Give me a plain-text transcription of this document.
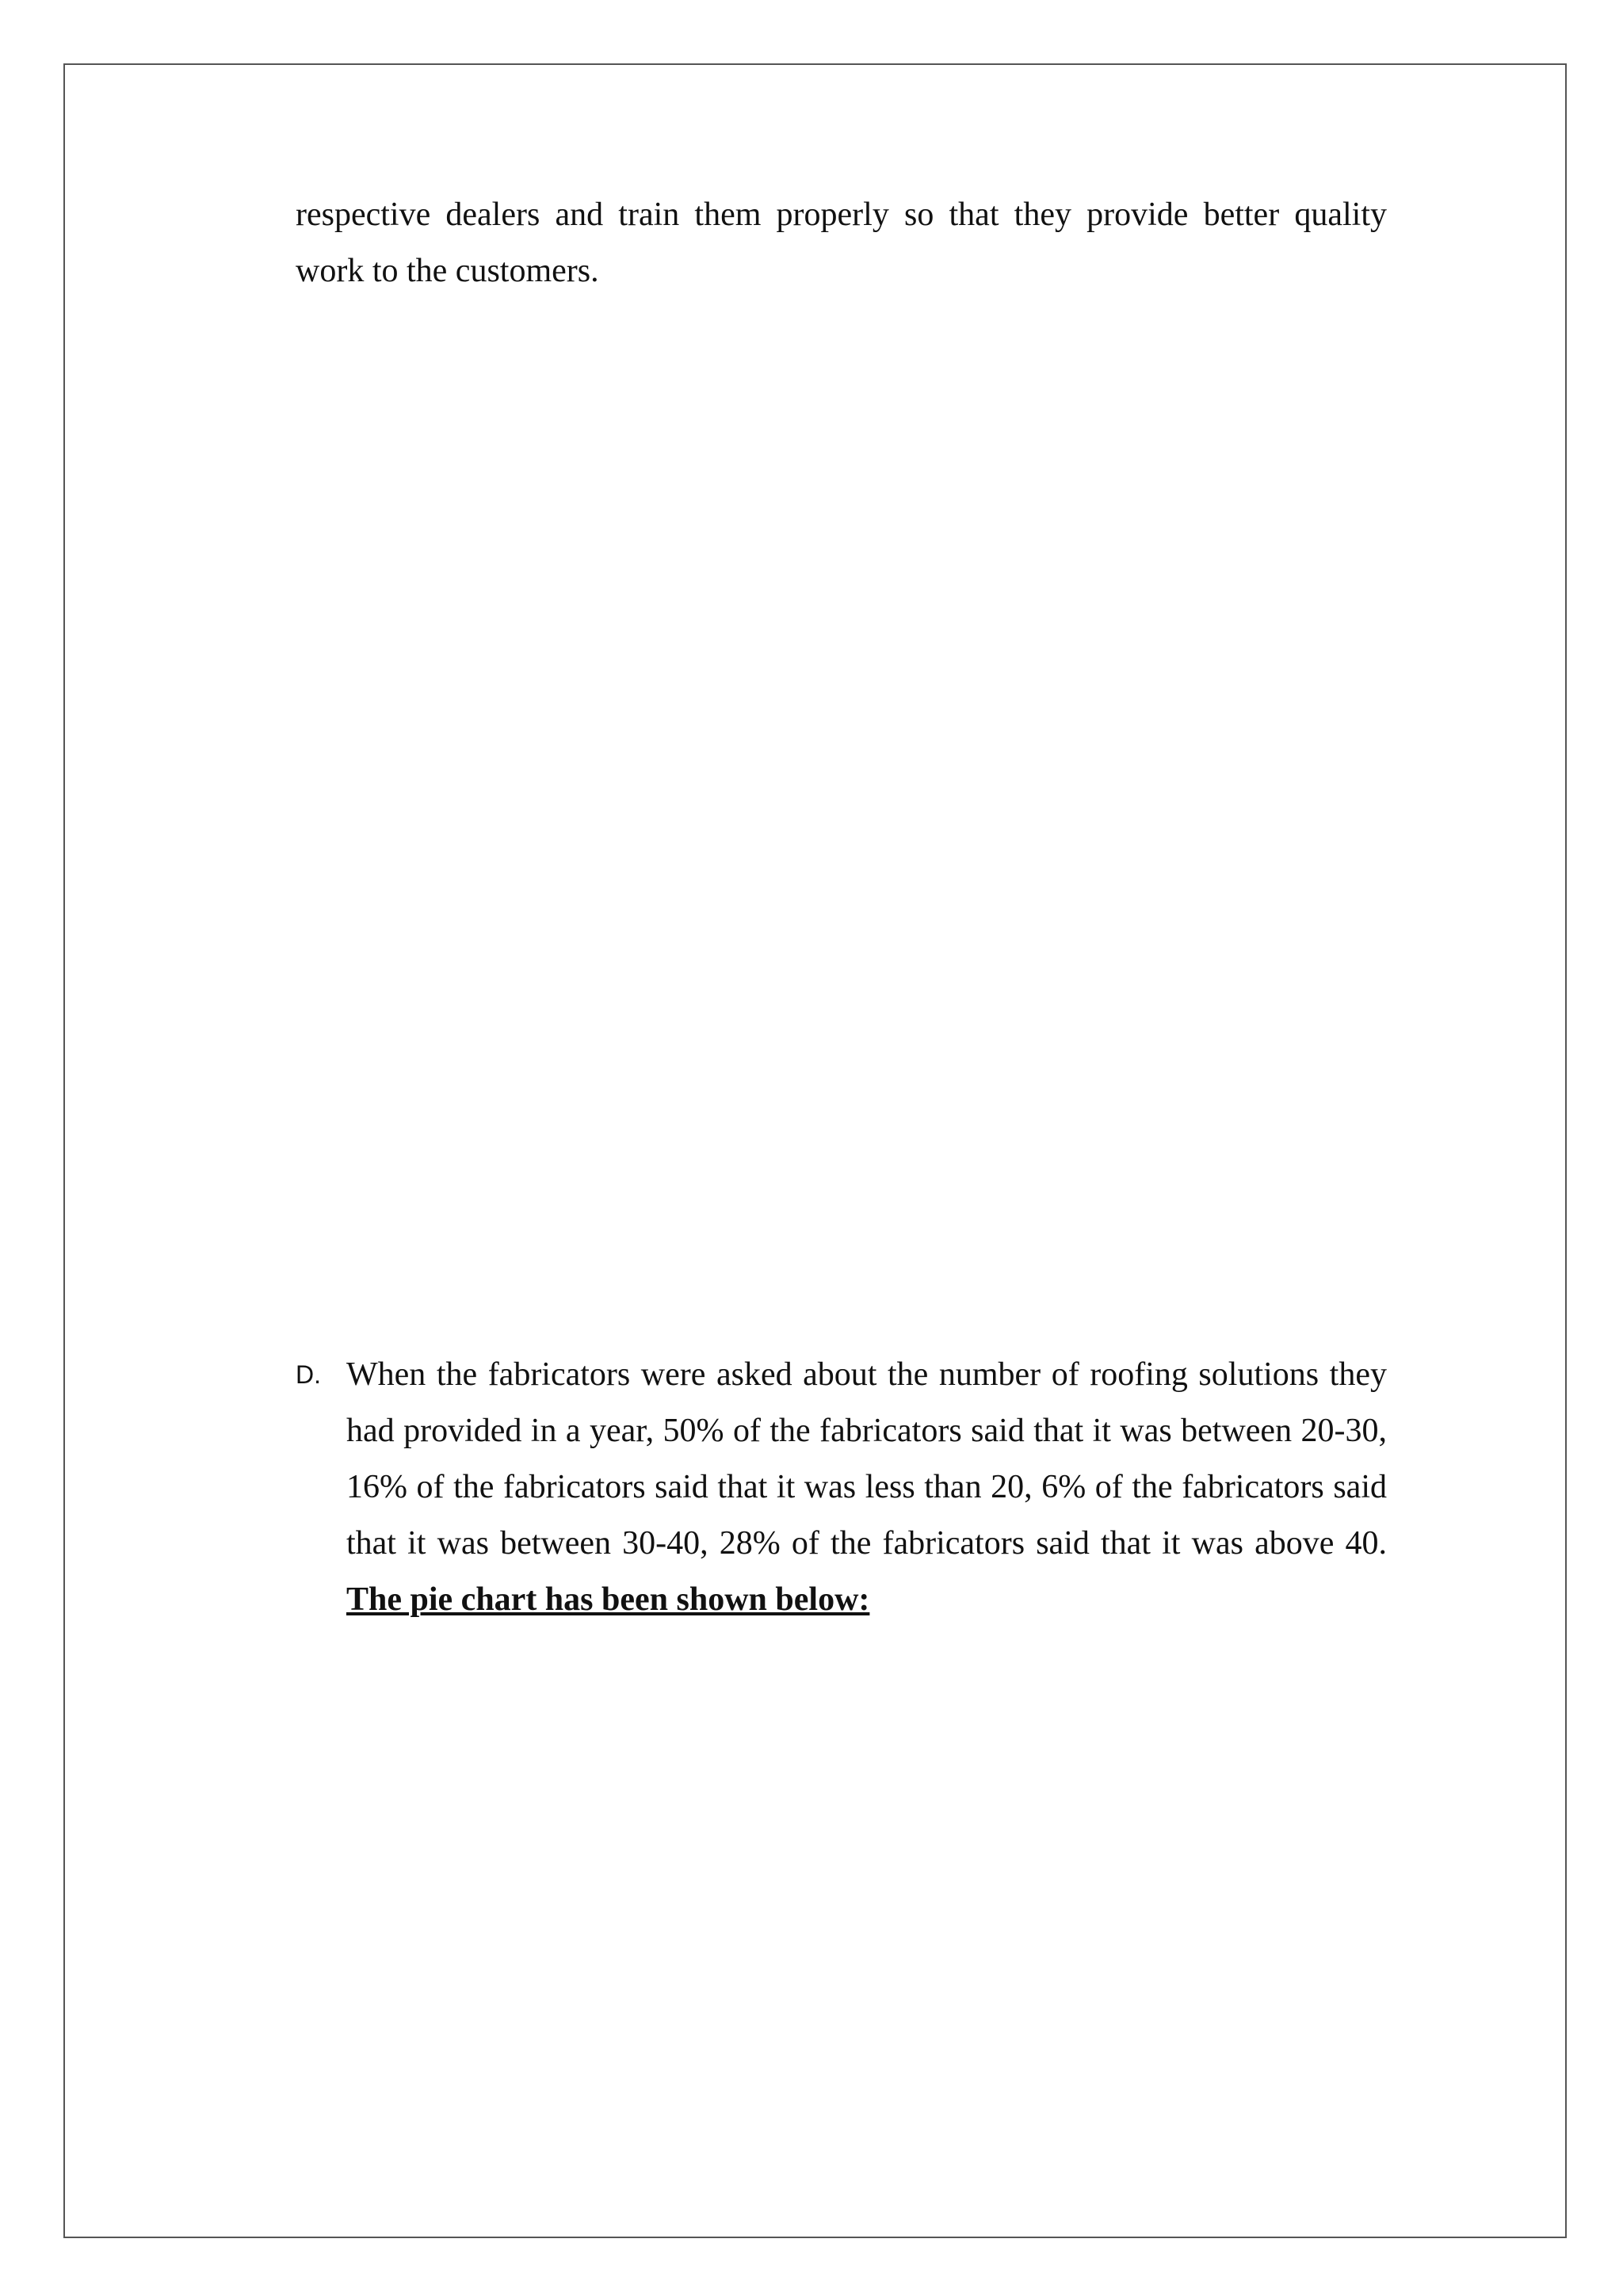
respective dealers and train them properly so that they provide better quality work to the customers.

D. When the fabricators were asked about the number of roofing solutions they had provided in a year, 50% of the fabricators said that it was between 20-30, 16% of the fabricators said that it was less than 20, 6% of the fabricators said that it was between 30-40, 28% of the fabricators said that it was above 40.
The pie chart has been shown below:
